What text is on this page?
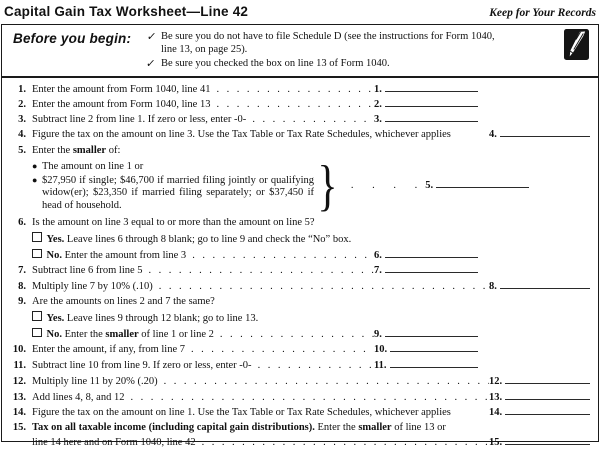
Capital Gain Tax Worksheet—Line 42	Keep for Your Records
Before you begin:	✓ Be sure you do not have to file Schedule D (see the instructions for Form 1040, line 13, on page 25).
✓ Be sure you checked the box on line 13 of Form 1040.
1. Enter the amount from Form 1040, line 41 .....	1.
2. Enter the amount from Form 1040, line 13 .....	2.
3. Subtract line 2 from line 1. If zero or less, enter -0- .....	3.
4. Figure the tax on the amount on line 3. Use the Tax Table or Tax Rate Schedules, whichever applies	4.
5. Enter the smaller of:
● The amount on line 1 or
● $27,950 if single; $46,700 if married filing jointly or qualifying widow(er); $23,350 if married filing separately; or $37,450 if head of household.	} . . . .	5.
6. Is the amount on line 3 equal to or more than the amount on line 5?
Yes. Leave lines 6 through 8 blank; go to line 9 and check the “No” box.
No. Enter the amount from line 3 .....	6.
7. Subtract line 6 from line 5 .....	7.
8. Multiply line 7 by 10% (.10) .....	8.
9. Are the amounts on lines 2 and 7 the same?
Yes. Leave lines 9 through 12 blank; go to line 13.
No. Enter the smaller of line 1 or line 2 .....	9.
10. Enter the amount, if any, from line 7 .....	10.
11. Subtract line 10 from line 9. If zero or less, enter -0- .....	11.
12. Multiply line 11 by 20% (.20) .....	12.
13. Add lines 4, 8, and 12 .....	13.
14. Figure the tax on the amount on line 1. Use the Tax Table or Tax Rate Schedules, whichever applies	14.
15. Tax on all taxable income (including capital gain distributions). Enter the smaller of line 13 or
line 14 here and on Form 1040, line 42 .....	15.
